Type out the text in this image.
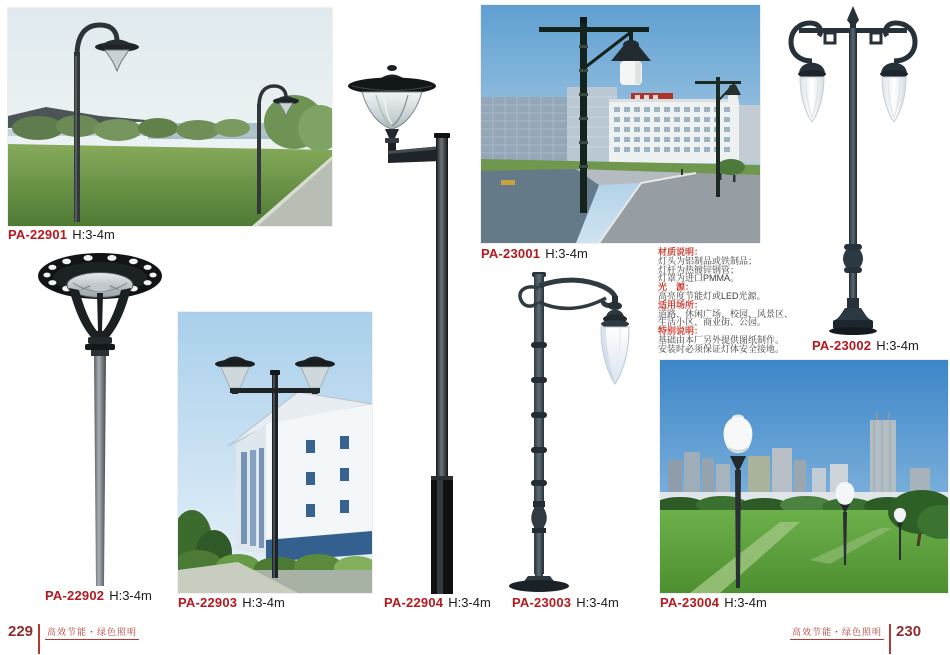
PA-22901 H:3-4m
PA-22902 H:3-4m PA-22903 H:3-4m	PA-22904 H:3-4m
PA-23001 H:3-4m	材质说明：
灯头为铝制品或铁制品；
灯杆为热镀锌钢管；
灯罩为进口PMMA。
光　源：
高亮度节能灯或LED光源。
适用场所：
道路、休闲广场、校园、风景区、
生活小区、商业街、公园。
特别说明：
基础由本厂另外提供图纸制作。
安装时必须保证灯体安全接地。	PA-23002 H:3-4m
PA-23003 H:3-4m	PA-23004 H:3-4m
229 高效节能・绿色照明	高效节能・绿色照明 230
